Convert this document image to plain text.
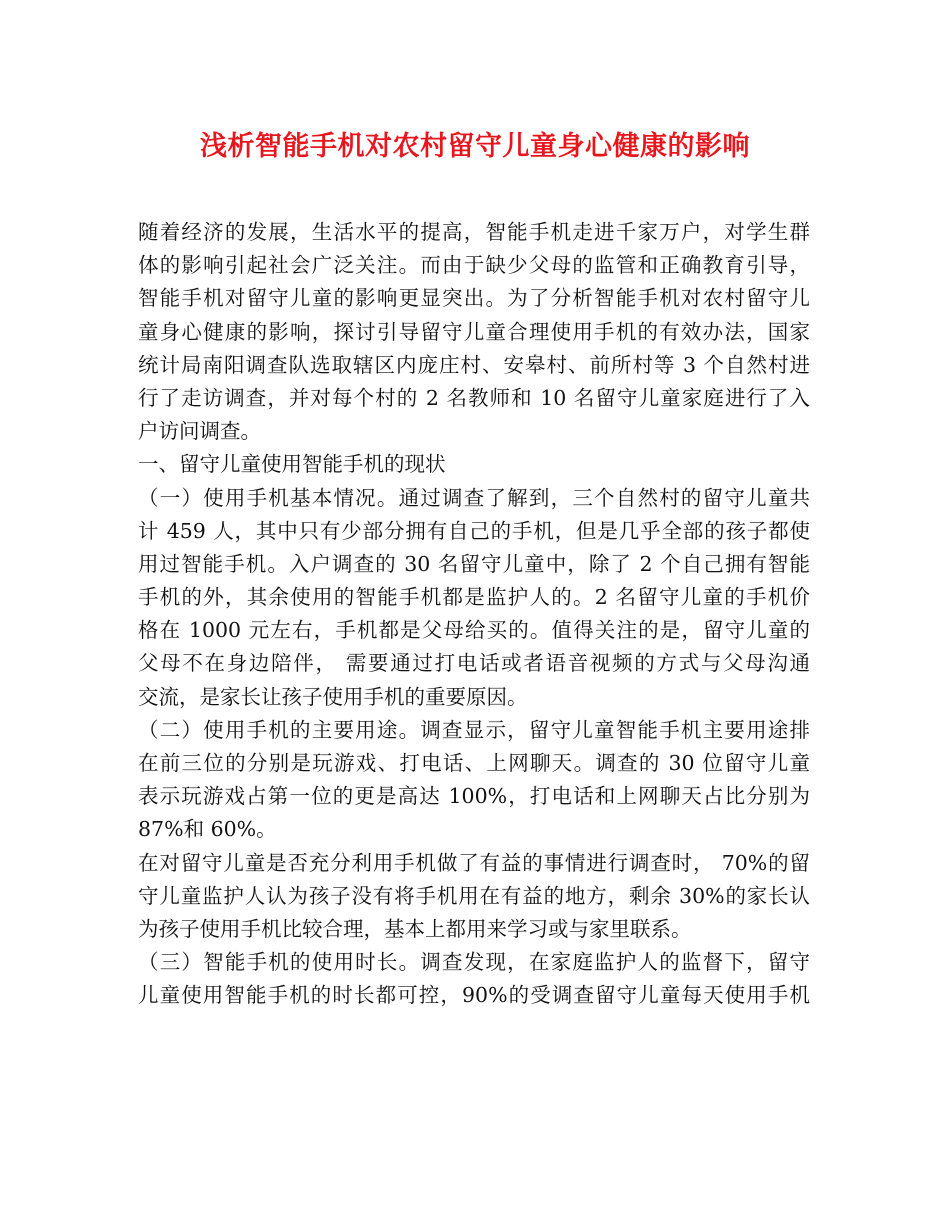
浅析智能手机对农村留守儿童身心健康的影响
随着经济的发展，生活水平的提高，智能手机走进千家万户，对学生群
体的影响引起社会广泛关注。而由于缺少父母的监管和正确教育引导，
智能手机对留守儿童的影响更显突出。为了分析智能手机对农村留守儿
童身心健康的影响，探讨引导留守儿童合理使用手机的有效办法，国家
统计局南阳调查队选取辖区内庞庄村、安皋村、前所村等 3 个自然村进
行了走访调查，并对每个村的 2 名教师和 10 名留守儿童家庭进行了入
户访问调查。
一、留守儿童使用智能手机的现状
（一）使用手机基本情况。通过调查了解到，三个自然村的留守儿童共
计 459 人，其中只有少部分拥有自己的手机，但是几乎全部的孩子都使
用过智能手机。入户调查的 30 名留守儿童中，除了 2 个自己拥有智能
手机的外，其余使用的智能手机都是监护人的。2 名留守儿童的手机价
格在 1000 元左右，手机都是父母给买的。值得关注的是，留守儿童的
父母不在身边陪伴， 需要通过打电话或者语音视频的方式与父母沟通
交流，是家长让孩子使用手机的重要原因。
（二）使用手机的主要用途。调查显示，留守儿童智能手机主要用途排
在前三位的分别是玩游戏、打电话、上网聊天。调查的 30 位留守儿童
表示玩游戏占第一位的更是高达 100%，打电话和上网聊天占比分别为
87%和 60%。
在对留守儿童是否充分利用手机做了有益的事情进行调查时， 70%的留
守儿童监护人认为孩子没有将手机用在有益的地方，剩余 30%的家长认
为孩子使用手机比较合理，基本上都用来学习或与家里联系。
（三）智能手机的使用时长。调查发现，在家庭监护人的监督下，留守
儿童使用智能手机的时长都可控，90%的受调查留守儿童每天使用手机
